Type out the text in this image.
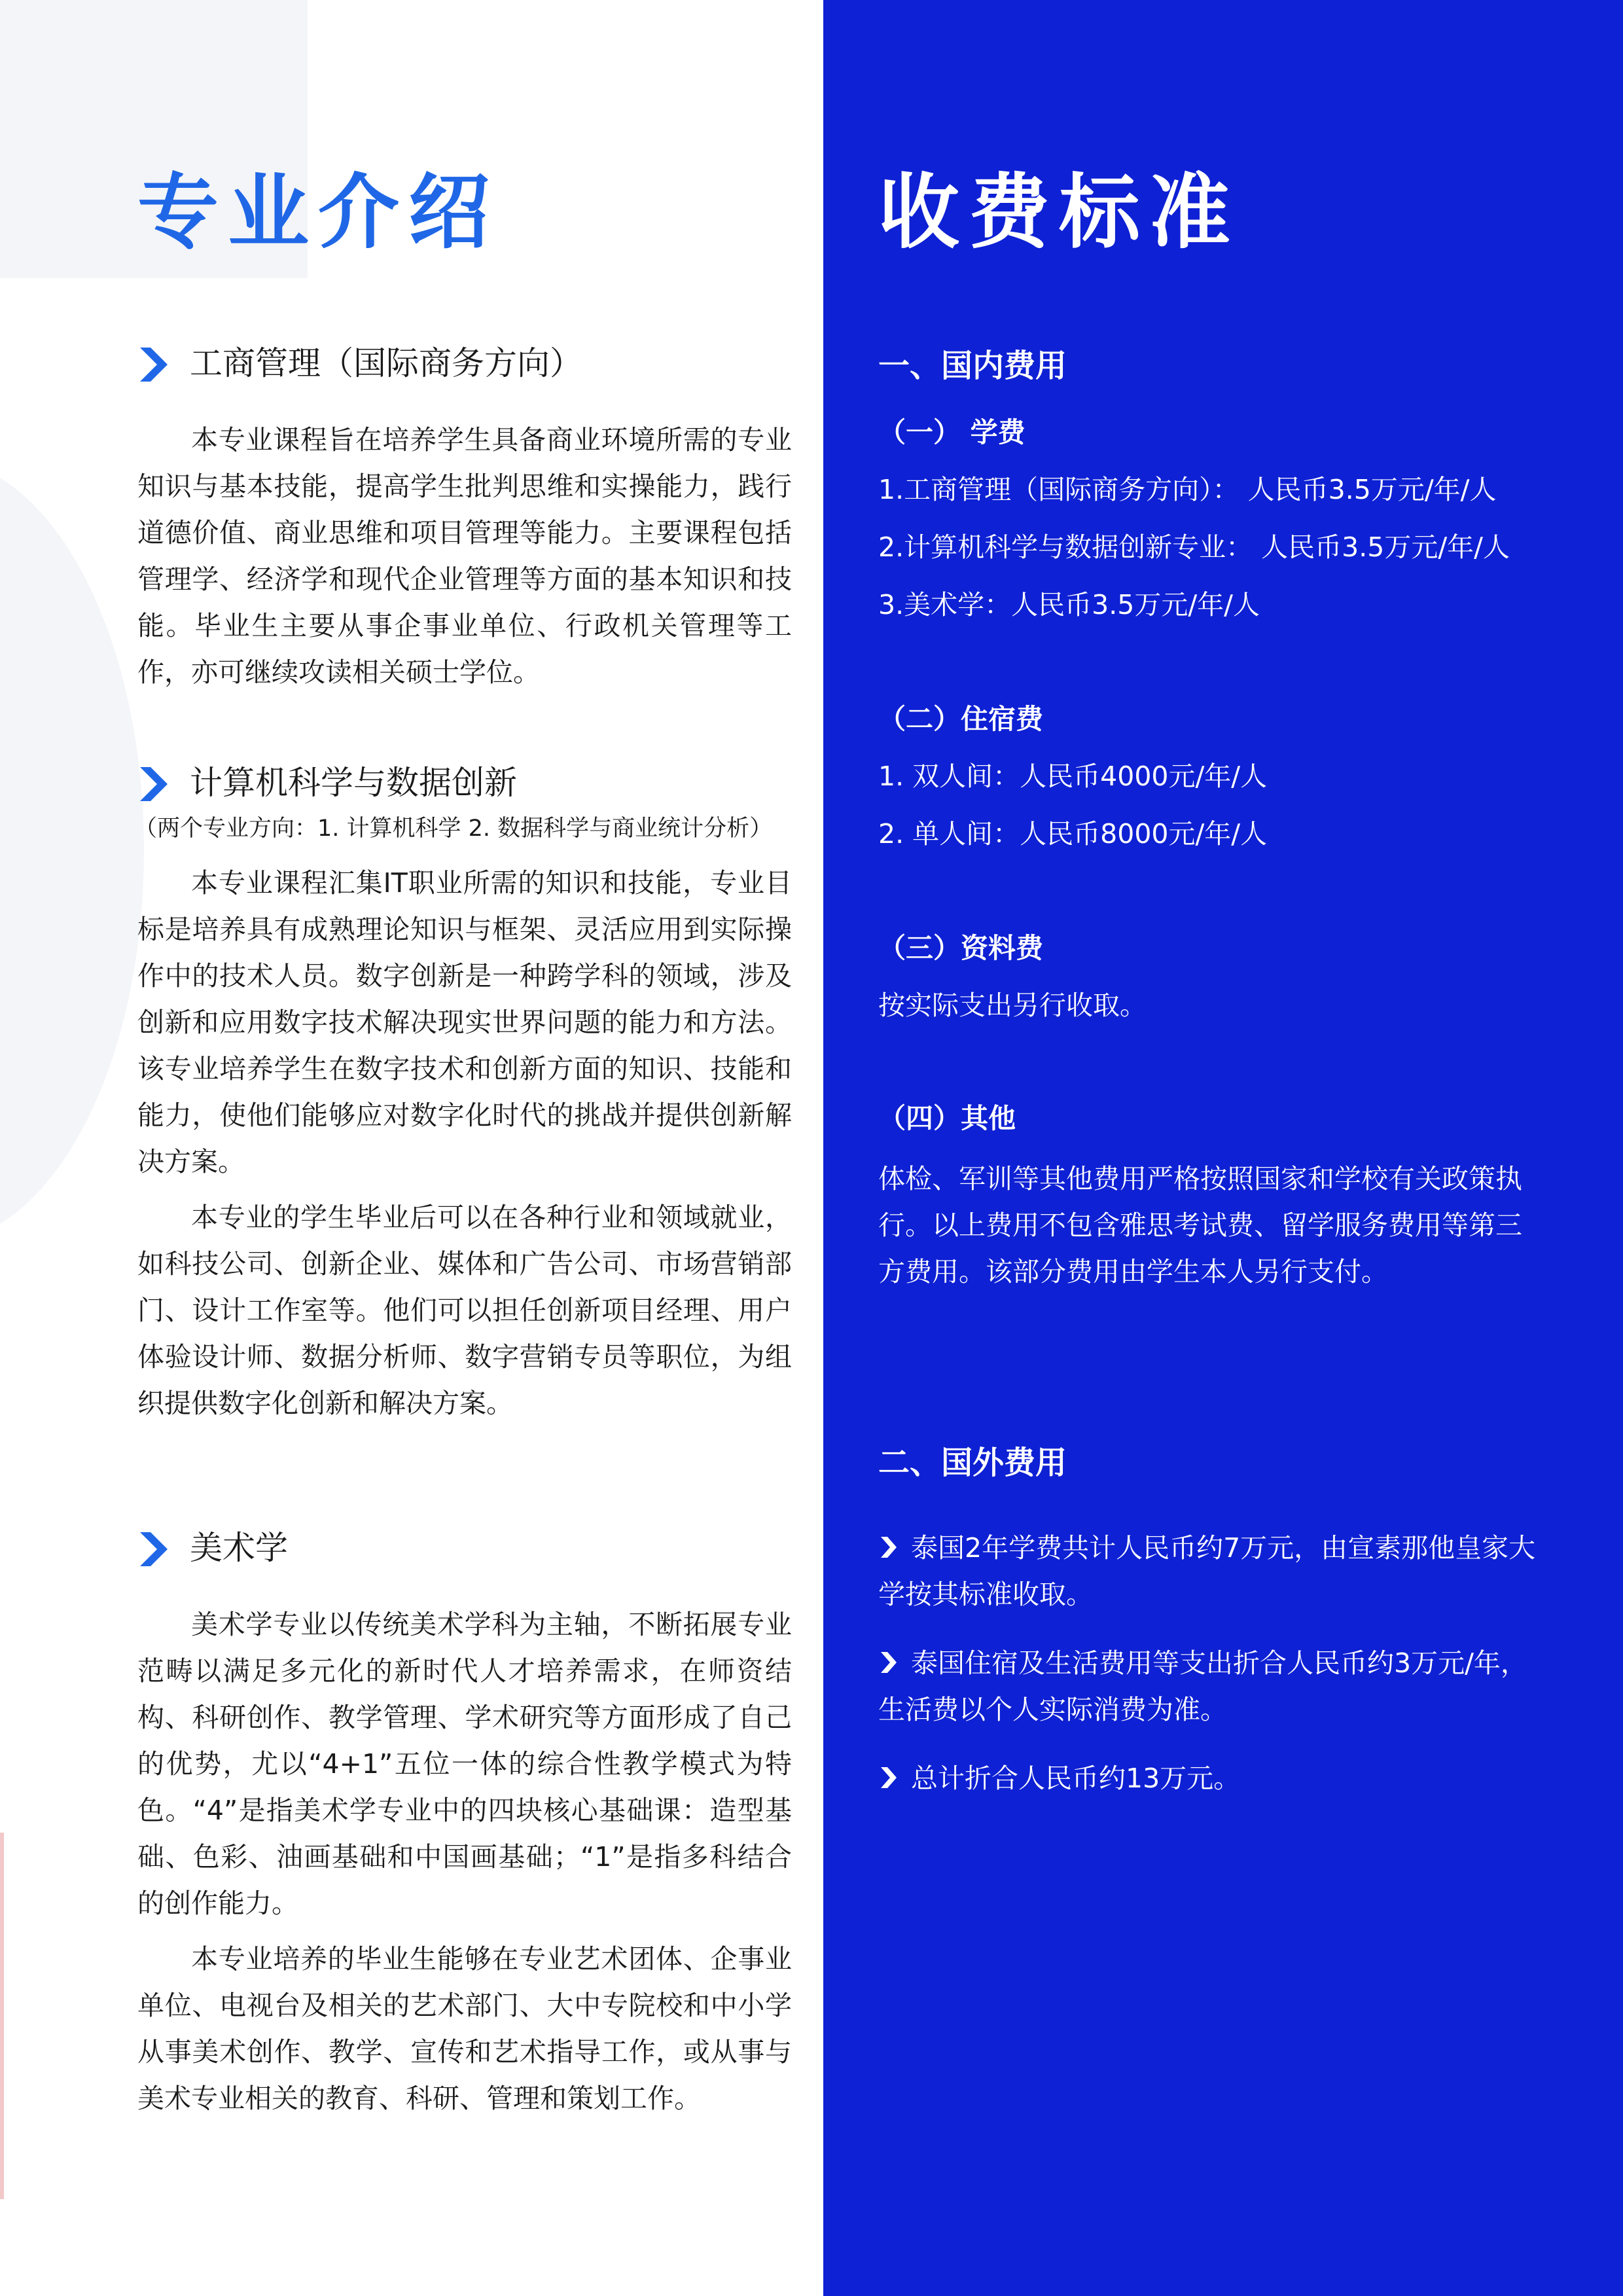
专业介绍
工商管理（国际商务方向）

本专业课程旨在培养学生具备商业环境所需的专业知识与基本技能，提高学生批判思维和实操能力，践行道德价值、商业思维和项目管理等能力。主要课程包括管理学、经济学和现代企业管理等方面的基本知识和技能。毕业生主要从事企事业单位、行政机关管理等工作，亦可继续攻读相关硕士学位。

计算机科学与数据创新

（两个专业方向：1. 计算机科学 2. 数据科学与商业统计分析）

本专业课程汇集IT职业所需的知识和技能，专业目标是培养具有成熟理论知识与框架、灵活应用到实际操作中的技术人员。数字创新是一种跨学科的领域，涉及创新和应用数字技术解决现实世界问题的能力和方法。该专业培养学生在数字技术和创新方面的知识、技能和能力，使他们能够应对数字化时代的挑战并提供创新解决方案。

本专业的学生毕业后可以在各种行业和领域就业，如科技公司、创新企业、媒体和广告公司、市场营销部门、设计工作室等。他们可以担任创新项目经理、用户体验设计师、数据分析师、数字营销专员等职位，为组织提供数字化创新和解决方案。

美术学

美术学专业以传统美术学科为主轴，不断拓展专业范畴以满足多元化的新时代人才培养需求，在师资结构、科研创作、教学管理、学术研究等方面形成了自己的优势，尤以“4+1”五位一体的综合性教学模式为特色。“4”是指美术学专业中的四块核心基础课：造型基础、色彩、油画基础和中国画基础；“1”是指多科结合的创作能力。

本专业培养的毕业生能够在专业艺术团体、企事业单位、电视台及相关的艺术部门、大中专院校和中小学从事美术创作、教学、宣传和艺术指导工作，或从事与美术专业相关的教育、科研、管理和策划工作。

收费标准
一、国内费用
（一） 学费

1.工商管理（国际商务方向）： 人民币3.5万元/年/人

2.计算机科学与数据创新专业： 人民币3.5万元/年/人

3.美术学：人民币3.5万元/年/人

（二）住宿费

1. 双人间：人民币4000元/年/人

2. 单人间：人民币8000元/年/人

（三）资料费

按实际支出另行收取。

（四）其他

体检、军训等其他费用严格按照国家和学校有关政策执行。以上费用不包含雅思考试费、留学服务费用等第三方费用。该部分费用由学生本人另行支付。

二、国外费用

泰国2年学费共计人民币约7万元，由宣素那他皇家大学按其标准收取。

泰国住宿及生活费用等支出折合人民币约3万元/年，生活费以个人实际消费为准。

总计折合人民币约13万元。
